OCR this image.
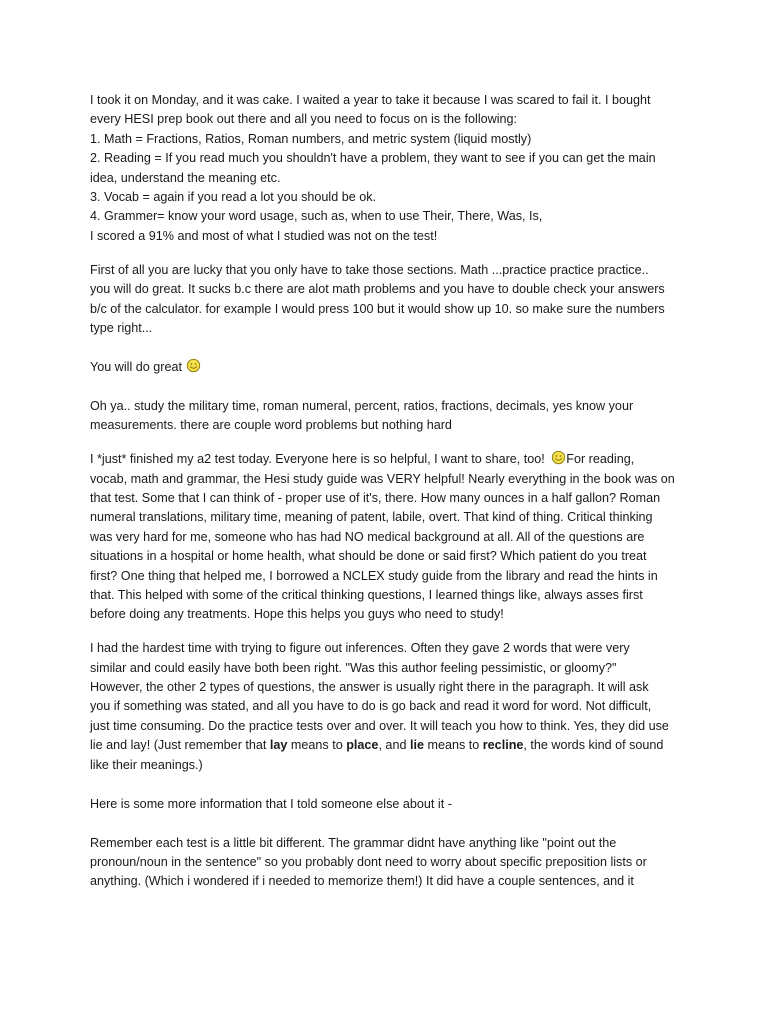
I took it on Monday, and it was cake. I waited a year to take it because I was scared to fail it. I bought
every HESI prep book out there and all you need to focus on is the following:
1. Math = Fractions, Ratios, Roman numbers, and metric system (liquid mostly)
2. Reading = If you read much you shouldn't have a problem, they want to see if you can get the main
idea, understand the meaning etc.
3. Vocab = again if you read a lot you should be ok.
4. Grammer= know your word usage, such as, when to use Their, There, Was, Is,
I scored a 91% and most of what I studied was not on the test!
First of all you are lucky that you only have to take those sections. Math ...practice practice practice..
you will do great. It sucks b.c there are alot math problems and you have to double check your answers
b/c of the calculator. for example I would press 100 but it would show up 10. so make sure the numbers
type right...
You will do great
Oh ya.. study the military time, roman numeral, percent, ratios, fractions, decimals, yes know your
measurements. there are couple word problems but nothing hard
I *just* finished my a2 test today. Everyone here is so helpful, I want to share, too! For reading,
vocab, math and grammar, the Hesi study guide was VERY helpful! Nearly everything in the book was on
that test. Some that I can think of - proper use of it's, there. How many ounces in a half gallon? Roman
numeral translations, military time, meaning of patent, labile, overt. That kind of thing. Critical thinking
was very hard for me, someone who has had NO medical background at all. All of the questions are
situations in a hospital or home health, what should be done or said first? Which patient do you treat
first? One thing that helped me, I borrowed a NCLEX study guide from the library and read the hints in
that. This helped with some of the critical thinking questions, I learned things like, always asses first
before doing any treatments. Hope this helps you guys who need to study!
I had the hardest time with trying to figure out inferences. Often they gave 2 words that were very
similar and could easily have both been right. "Was this author feeling pessimistic, or gloomy?"
However, the other 2 types of questions, the answer is usually right there in the paragraph. It will ask
you if something was stated, and all you have to do is go back and read it word for word. Not difficult,
just time consuming. Do the practice tests over and over. It will teach you how to think. Yes, they did use
lie and lay! (Just remember that lay means to place, and lie means to recline, the words kind of sound
like their meanings.)
Here is some more information that I told someone else about it -
Remember each test is a little bit different. The grammar didnt have anything like "point out the
pronoun/noun in the sentence" so you probably dont need to worry about specific preposition lists or
anything. (Which i wondered if i needed to memorize them!) It did have a couple sentences, and it
